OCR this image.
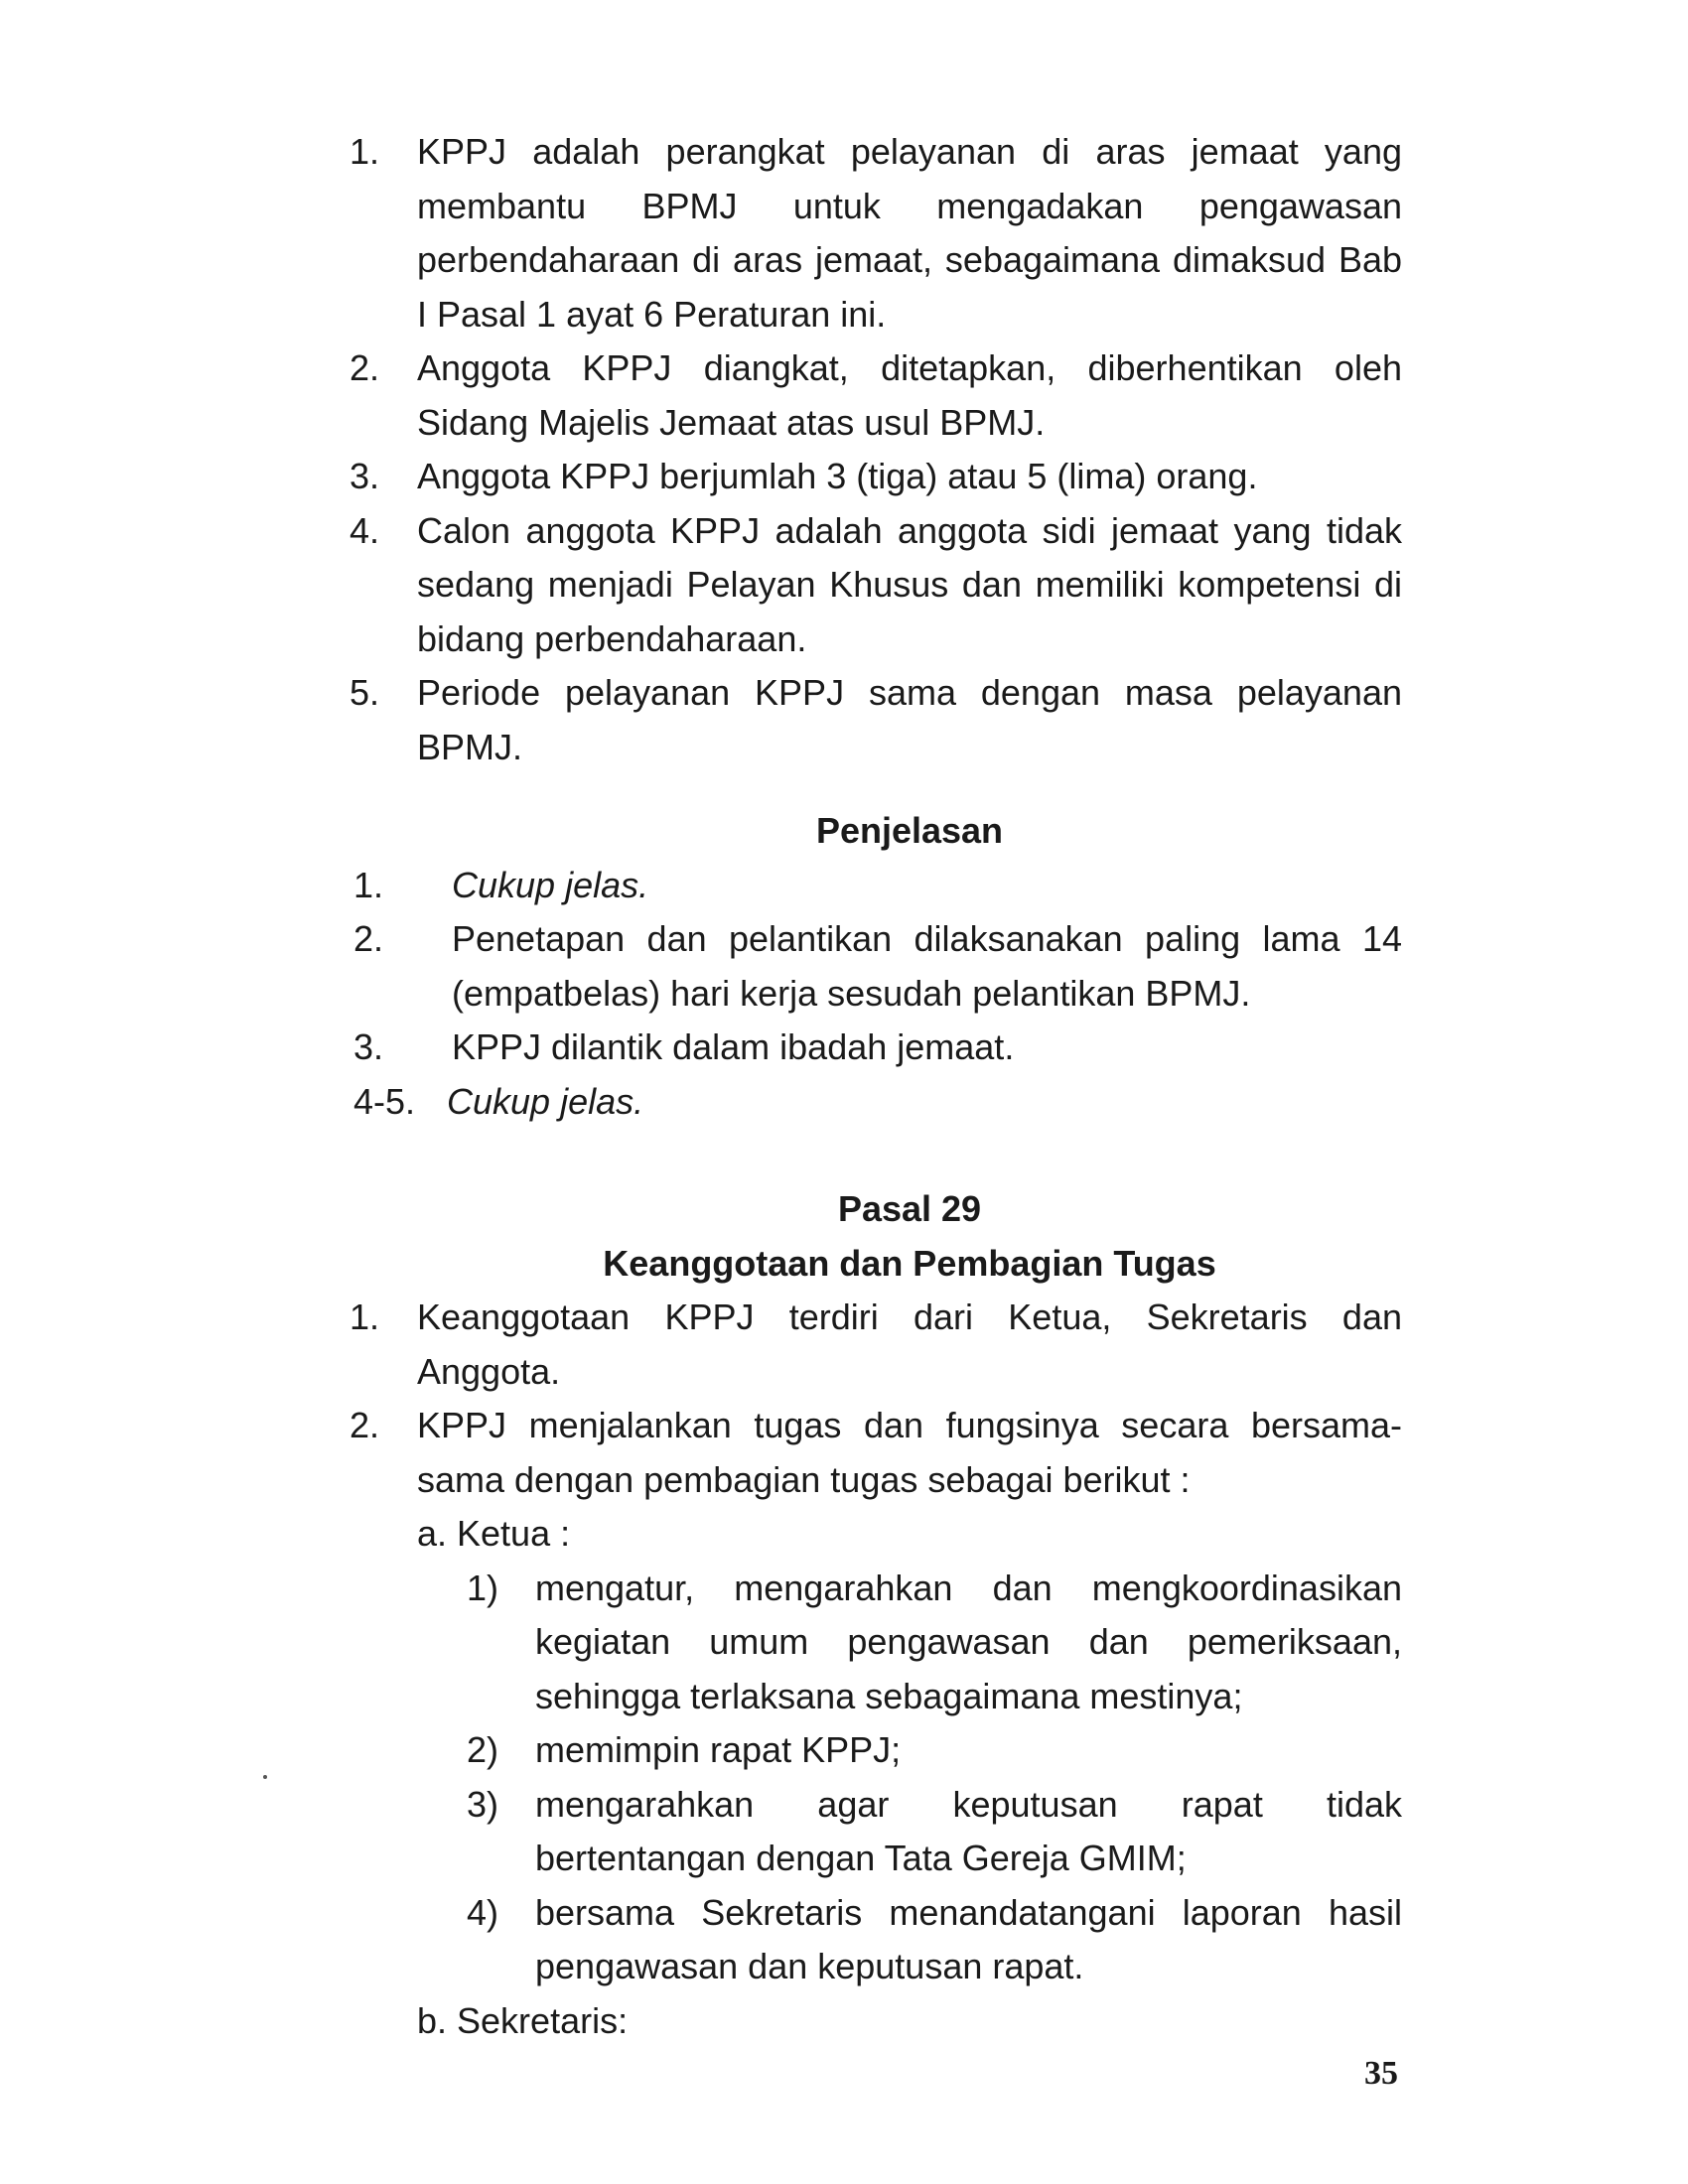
1. KPPJ adalah perangkat pelayanan di aras jemaat yang membantu BPMJ untuk mengadakan pengawasan perbendaharaan di aras jemaat, sebagaimana dimaksud Bab I Pasal 1 ayat 6 Peraturan ini.
2. Anggota KPPJ diangkat, ditetapkan, diberhentikan oleh Sidang Majelis Jemaat atas usul BPMJ.
3. Anggota KPPJ berjumlah 3 (tiga) atau 5 (lima) orang.
4. Calon anggota KPPJ adalah anggota sidi jemaat yang tidak sedang menjadi Pelayan Khusus dan memiliki kompetensi di bidang perbendaharaan.
5. Periode pelayanan KPPJ sama dengan masa pelayanan BPMJ.
Penjelasan
1. Cukup jelas.
2. Penetapan dan pelantikan dilaksanakan paling lama 14 (empatbelas) hari kerja sesudah pelantikan BPMJ.
3. KPPJ dilantik dalam ibadah jemaat.
4-5. Cukup jelas.
Pasal 29
Keanggotaan dan Pembagian Tugas
1. Keanggotaan KPPJ terdiri dari Ketua, Sekretaris dan Anggota.
2. KPPJ menjalankan tugas dan fungsinya secara bersama-sama dengan pembagian tugas sebagai berikut :
a. Ketua :
1) mengatur, mengarahkan dan mengkoordinasikan kegiatan umum pengawasan dan pemeriksaan, sehingga terlaksana sebagaimana mestinya;
2) memimpin rapat KPPJ;
3) mengarahkan agar keputusan rapat tidak bertentangan dengan Tata Gereja GMIM;
4) bersama Sekretaris menandatangani laporan hasil pengawasan dan keputusan rapat.
b. Sekretaris:
35
